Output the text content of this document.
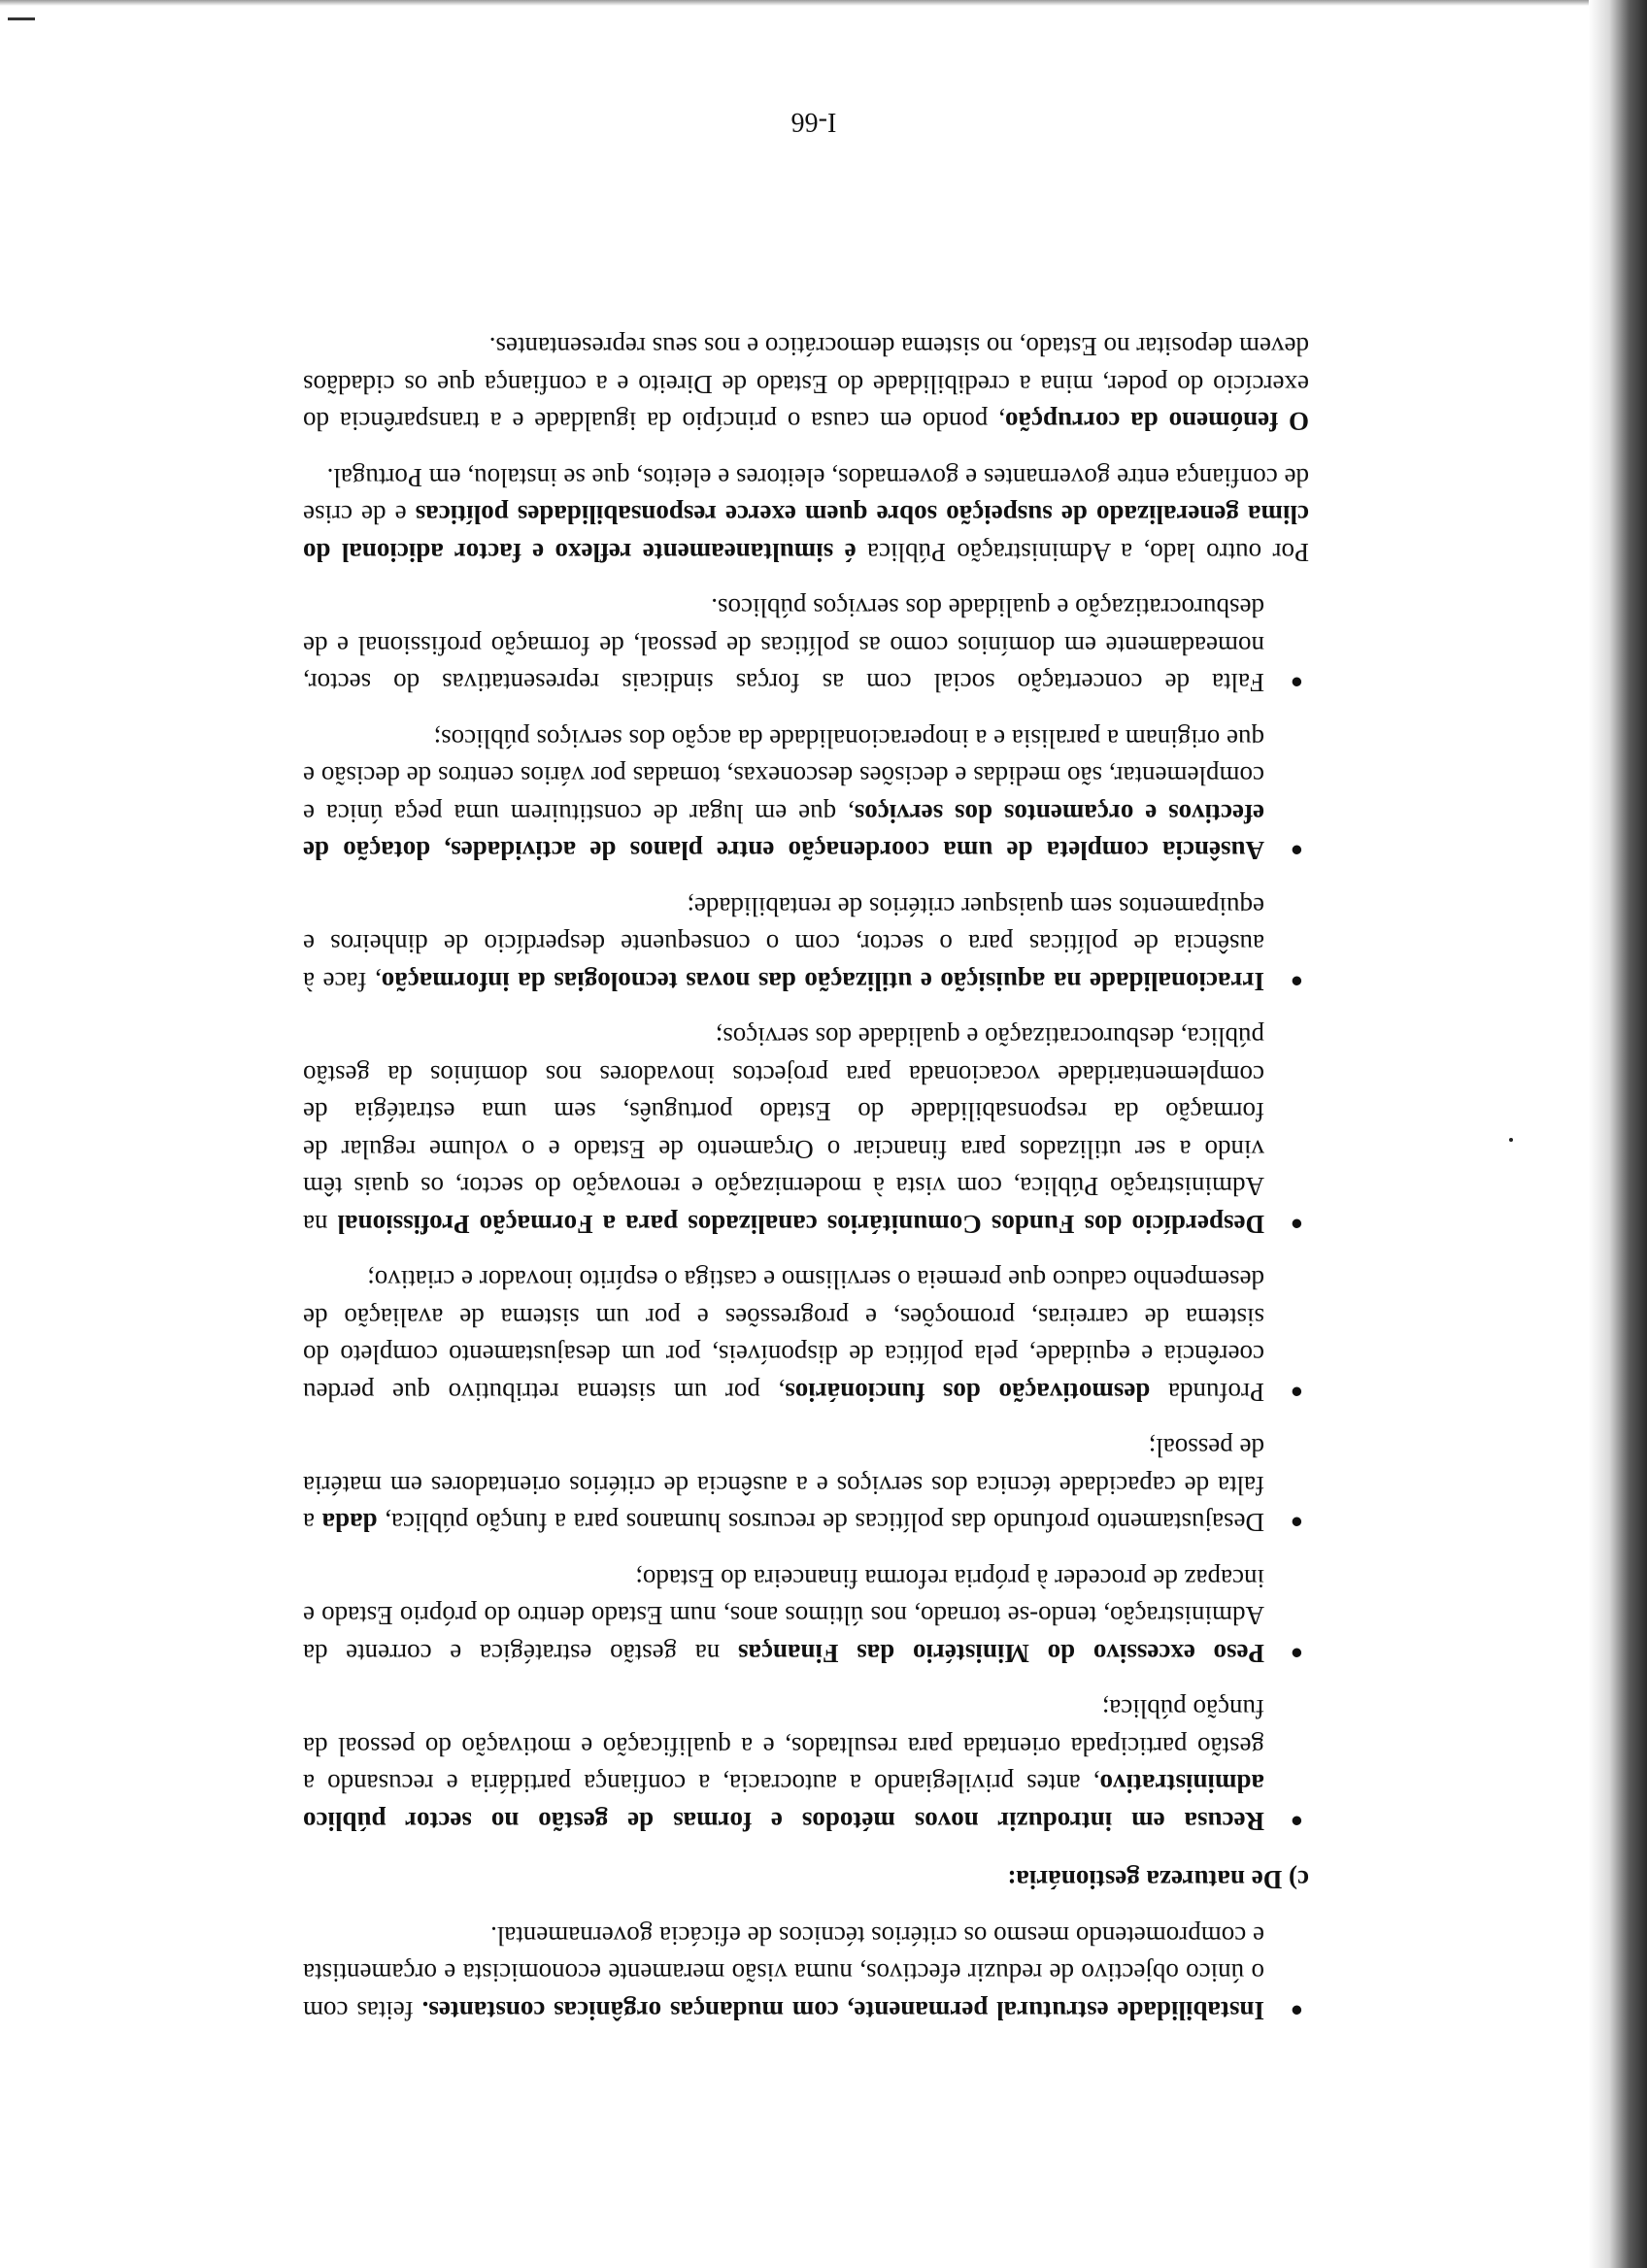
●
Instabilidade estrutural permanente, com mudanças orgânicas constantes. feitas com o único objectivo de reduzir efectivos, numa visão meramente economicista e orçamentista e comprometendo mesmo os critérios técnicos de eficácia governamental.

c) De natureza gestionária:

●
Recusa em introduzir novos métodos e formas de gestão no sector público administrativo, antes privilegiando a autocracia, a confiança partidária e recusando a gestão participada orientada para resultados, e a qualificação e motivação do pessoal da função pública;
●
Peso excessivo do Ministério das Finanças na gestão estratégica e corrente da Administração, tendo-se tornado, nos últimos anos, num Estado dentro do próprio Estado e incapaz de proceder à própria reforma financeira do Estado;
●
Desajustamento profundo das políticas de recursos humanos para a função pública, dada a falta de capacidade técnica dos serviços e a ausência de critérios orientadores em matéria de pessoal;
●
Profunda desmotivação dos funcionários, por um sistema retributivo que perdeu coerência e equidade, pela política de disponíveis, por um desajustamento completo do sistema de carreiras, promoções, e progressões e por um sistema de avaliação de desempenho caduco que premeia o servilismo e castiga o espírito inovador e criativo;
●
Desperdício dos Fundos Comunitários canalizados para a Formação Profissional na Administração Pública, com vista à modernização e renovação do sector, os quais têm vindo a ser utilizados para financiar o Orçamento de Estado e o volume regular de formação da responsabilidade do Estado português, sem uma estratégia de complementaridade vocacionada para projectos inovadores nos domínios da gestão pública, desburocratização e qualidade dos serviços;
●
Irracionalidade na aquisição e utilização das novas tecnologias da informação, face à ausência de políticas para o sector, com o consequente desperdício de dinheiros e equipamentos sem quaisquer critérios de rentabilidade;
●
Ausência completa de uma coordenação entre planos de actividades, dotação de efectivos e orçamentos dos serviços, que em lugar de constituirem uma peça única e complementar, são medidas e decisões desconexas, tomadas por vários centros de decisão e que originam a paralisia e a inoperacionalidade da acção dos serviços públicos;
●
Falta de concertação social com as forças sindicais representativas do sector, nomeadamente em domínios como as políticas de pessoal, de formação profissional e de desburocratização e qualidade dos serviços públicos.

Por outro lado, a Administração Pública é simultaneamente reflexo e factor adicional do clima generalizado de suspeição sobre quem exerce responsabilidades políticas e de crise de confiança entre governantes e governados, eleitores e eleitos, que se instalou, em Portugal.

O fenómeno da corrupção, pondo em causa o princípio da igualdade e a transparência do exercício do poder, mina a credibilidade do Estado de Direito e a confiança que os cidadãos devem depositar no Estado, no sistema democrático e nos seus representantes.

I-66
